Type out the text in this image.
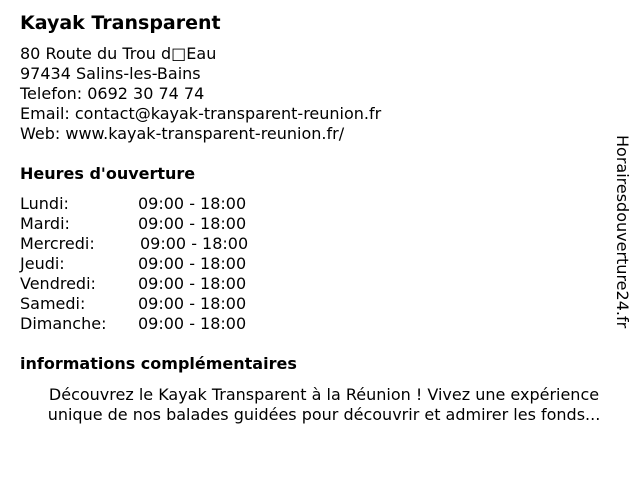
Kayak Transparent
80 Route du Trou d□Eau
97434 Salins-les-Bains
Telefon: 0692 30 74 74
Email: contact@kayak-transparent-reunion.fr
Web: www.kayak-transparent-reunion.fr/
Heures d'ouverture
Lundi:	09:00 - 18:00
Mardi:	09:00 - 18:00
Mercredi:	09:00 - 18:00
Jeudi:	09:00 - 18:00
Vendredi:	09:00 - 18:00
Samedi:	09:00 - 18:00
Dimanche:	09:00 - 18:00
informations complémentaires
Découvrez le Kayak Transparent à la Réunion ! Vivez une expérience
unique de nos balades guidées pour découvrir et admirer les fonds...
Horairesdouverture24.fr
